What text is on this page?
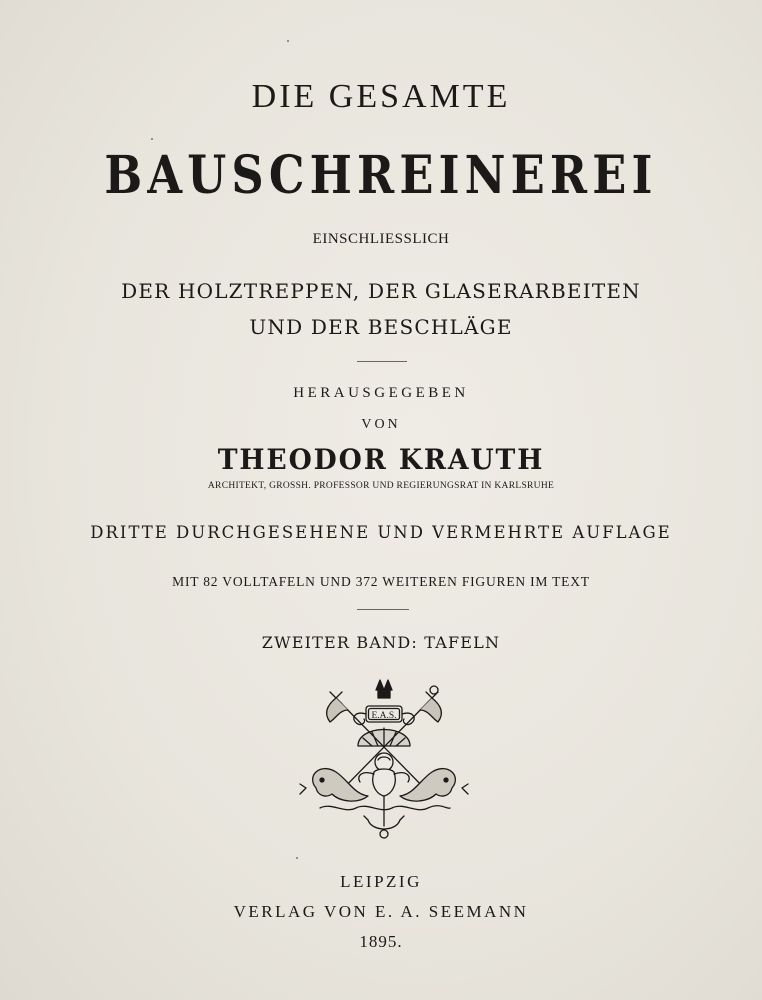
DIE GESAMTE
BAUSCHREINEREI
EINSCHLIESSLICH
DER HOLZTREPPEN, DER GLASERARBEITEN
UND DER BESCHLÄGE
HERAUSGEGEBEN
VON
THEODOR KRAUTH
ARCHITEKT, GROSSH. PROFESSOR UND REGIERUNGSRAT IN KARLSRUHE
DRITTE DURCHGESEHENE UND VERMEHRTE AUFLAGE
MIT 82 VOLLTAFELN UND 372 WEITEREN FIGUREN IM TEXT
ZWEITER BAND: TAFELN
E.A.S.
LEIPZIG
VERLAG VON E. A. SEEMANN
1895.
